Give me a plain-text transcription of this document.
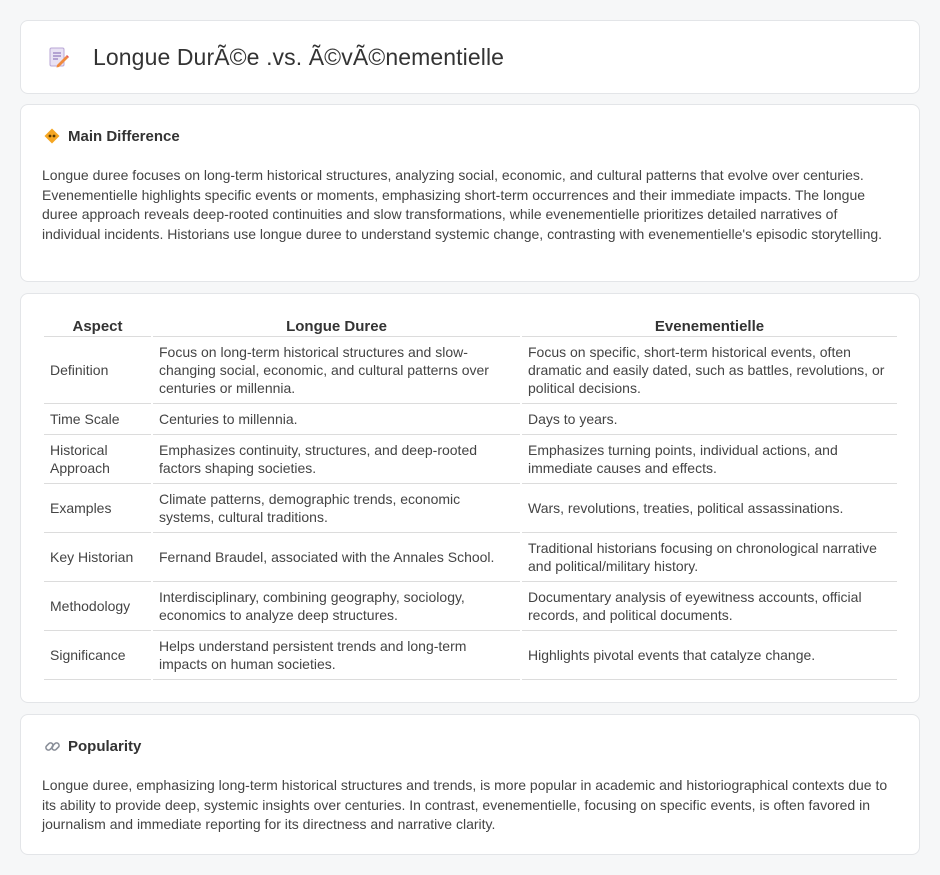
Longue DurÃ©e .vs. Ã©vÃ©nementielle
Main Difference

Longue duree focuses on long-term historical structures, analyzing social, economic, and cultural patterns that evolve over centuries. Evenementielle highlights specific events or moments, emphasizing short-term occurrences and their immediate impacts. The longue duree approach reveals deep-rooted continuities and slow transformations, while evenementielle prioritizes detailed narratives of individual incidents. Historians use longue duree to understand systemic change, contrasting with evenementielle's episodic storytelling.

Aspect	Longue Duree	Evenementielle
Definition	Focus on long-term historical structures and slow-changing social, economic, and cultural patterns over centuries or millennia.	Focus on specific, short-term historical events, often dramatic and easily dated, such as battles, revolutions, or political decisions.
Time Scale	Centuries to millennia.	Days to years.
Historical Approach	Emphasizes continuity, structures, and deep-rooted factors shaping societies.	Emphasizes turning points, individual actions, and immediate causes and effects.
Examples	Climate patterns, demographic trends, economic systems, cultural traditions.	Wars, revolutions, treaties, political assassinations.
Key Historian	Fernand Braudel, associated with the Annales School.	Traditional historians focusing on chronological narrative and political/military history.
Methodology	Interdisciplinary, combining geography, sociology, economics to analyze deep structures.	Documentary analysis of eyewitness accounts, official records, and political documents.
Significance	Helps understand persistent trends and long-term impacts on human societies.	Highlights pivotal events that catalyze change.
Popularity

Longue duree, emphasizing long-term historical structures and trends, is more popular in academic and historiographical contexts due to its ability to provide deep, systemic insights over centuries. In contrast, evenementielle, focusing on specific events, is often favored in journalism and immediate reporting for its directness and narrative clarity.
